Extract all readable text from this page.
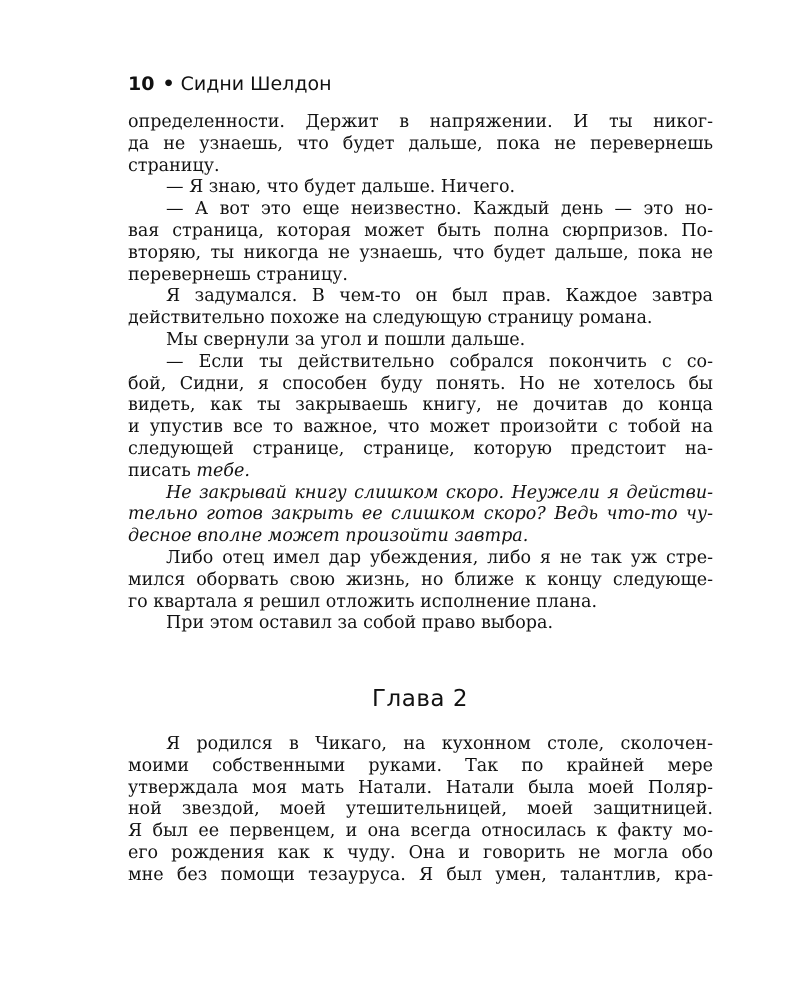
10 • Сидни Шелдон
определенности. Держит в напряжении. И ты никог-
да не узнаешь, что будет дальше, пока не перевернешь
страницу.
— Я знаю, что будет дальше. Ничего.
— А вот это еще неизвестно. Каждый день — это но-
вая страница, которая может быть полна сюрпризов. По-
вторяю, ты никогда не узнаешь, что будет дальше, пока не
перевернешь страницу.
Я задумался. В чем-то он был прав. Каждое завтра
действительно похоже на следующую страницу романа.
Мы свернули за угол и пошли дальше.
— Если ты действительно собрался покончить с со-
бой, Сидни, я способен буду понять. Но не хотелось бы
видеть, как ты закрываешь книгу, не дочитав до конца
и упустив все то важное, что может произойти с тобой на
следующей странице, странице, которую предстоит на-
писать тебе.
Не закрывай книгу слишком скоро. Неужели я действи-
тельно готов закрыть ее слишком скоро? Ведь что-то чу-
десное вполне может произойти завтра.
Либо отец имел дар убеждения, либо я не так уж стре-
мился оборвать свою жизнь, но ближе к концу следующе-
го квартала я решил отложить исполнение плана.
При этом оставил за собой право выбора.
Глава 2
Я родился в Чикаго, на кухонном столе, сколочен-
моими собственными руками. Так по крайней мере
утверждала моя мать Натали. Натали была моей Поляр-
ной звездой, моей утешительницей, моей защитницей.
Я был ее первенцем, и она всегда относилась к факту мо-
его рождения как к чуду. Она и говорить не могла обо
мне без помощи тезауруса. Я был умен, талантлив, кра-
